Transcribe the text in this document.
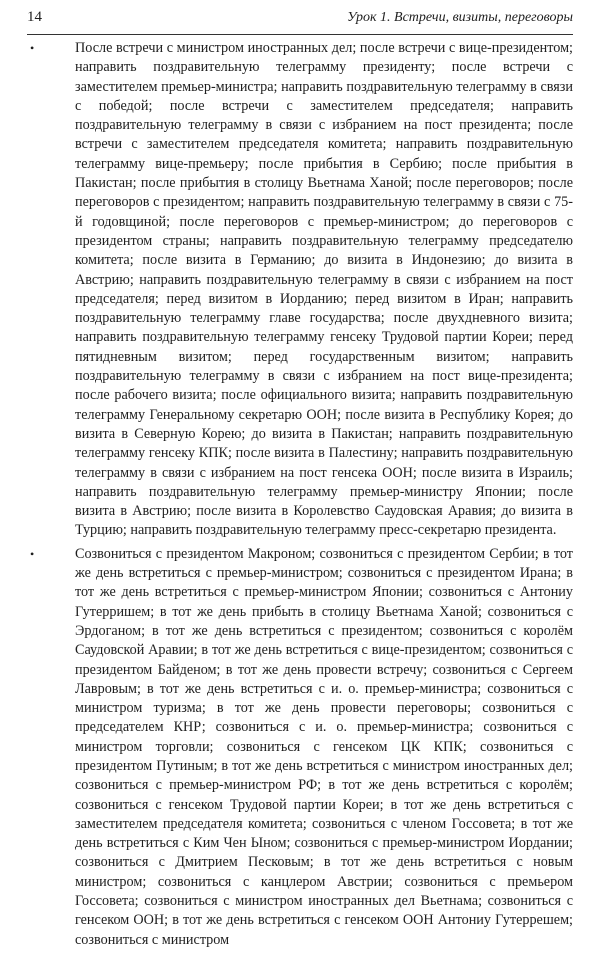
14	Урок 1. Встречи, визиты, переговоры
•	После встречи с министром иностранных дел; после встречи с вице-президентом; направить поздравительную телеграмму президенту; после встречи с заместителем премьер-министра; направить поздравительную телеграмму в связи с победой; после встречи с заместителем председателя; направить поздравительную телеграмму в связи с избранием на пост президента; после встречи с заместителем председателя комитета; направить поздравительную телеграмму вице-премьеру; после прибытия в Сербию; после прибытия в Пакистан; после прибытия в столицу Вьетнама Ханой; после переговоров; после переговоров с президентом; направить поздравительную телеграмму в связи с 75-й годовщиной; после переговоров с премьер-министром; до переговоров с президентом страны; направить поздравительную телеграмму председателю комитета; после визита в Германию; до визита в Индонезию; до визита в Австрию; направить поздравительную телеграмму в связи с избранием на пост председателя; перед визитом в Иорданию; перед визитом в Иран; направить поздравительную телеграмму главе государства; после двухдневного визита; направить поздравительную телеграмму генсеку Трудовой партии Кореи; перед пятидневным визитом; перед государственным визитом; направить поздравительную телеграмму в связи с избранием на пост вице-президента; после рабочего визита; после официального визита; направить поздравительную телеграмму Генеральному секретарю ООН; после визита в Республику Корея; до визита в Северную Корею; до визита в Пакистан; направить поздравительную телеграмму генсеку КПК; после визита в Палестину; направить поздравительную телеграмму в связи с избранием на пост генсека ООН; после визита в Израиль; направить поздравительную телеграмму премьер-министру Японии; после визита в Австрию; после визита в Королевство Саудовская Аравия; до визита в Турцию; направить поздравительную телеграмму пресс-секретарю президента.
•	Созвониться с президентом Макроном; созвониться с президентом Сербии; в тот же день встретиться с премьер-министром; созвониться с президентом Ирана; в тот же день встретиться с премьер-министром Японии; созвониться с Антониу Гутерришем; в тот же день прибыть в столицу Вьетнама Ханой; созвониться с Эрдоганом; в тот же день встретиться с президентом; созвониться с королём Саудовской Аравии; в тот же день встретиться с вице-президентом; созвониться с президентом Байденом; в тот же день провести встречу; созвониться с Сергеем Лавровым; в тот же день встретиться с и. о. премьер-министра; созвониться с министром туризма; в тот же день провести переговоры; созвониться с председателем КНР; созвониться с и. о. премьер-министра; созвониться с министром торговли; созвониться с генсеком ЦК КПК; созвониться с президентом Путиным; в тот же день встретиться с министром иностранных дел; созвониться с премьер-министром РФ; в тот же день встретиться с королём; созвониться с генсеком Трудовой партии Кореи; в тот же день встретиться с заместителем председателя комитета; созвониться с членом Госсовета; в тот же день встретиться с Ким Чен Ыном; созвониться с премьер-министром Иордании; созвониться с Дмитрием Песковым; в тот же день встретиться с новым министром; созвониться с канцлером Австрии; созвониться с премьером Госсовета; созвониться с министром иностранных дел Вьетнама; созвониться с генсеком ООН; в тот же день встретиться с генсеком ООН Антониу Гутеррешем; созвониться с министром
